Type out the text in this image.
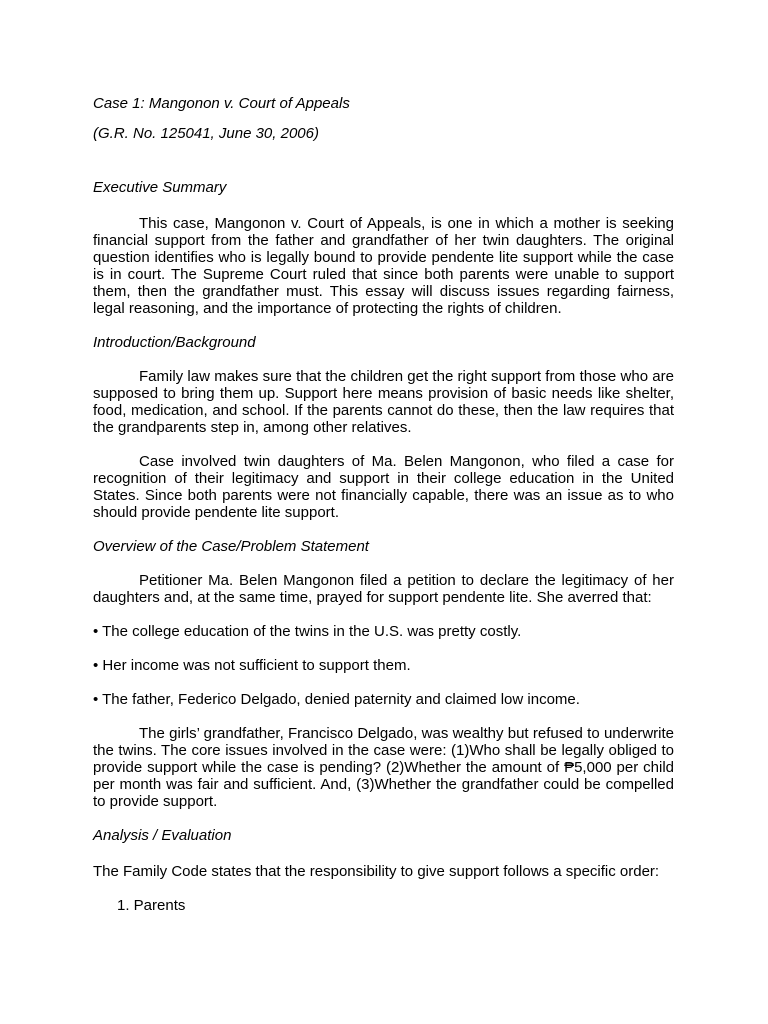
Case 1: Mangonon v. Court of Appeals

(G.R. No. 125041, June 30, 2006)

Executive Summary

This case, Mangonon v. Court of Appeals, is one in which a mother is seeking financial support from the father and grandfather of her twin daughters. The original question identifies who is legally bound to provide pendente lite support while the case is in court. The Supreme Court ruled that since both parents were unable to support them, then the grandfather must. This essay will discuss issues regarding fairness, legal reasoning, and the importance of protecting the rights of children.

Introduction/Background

Family law makes sure that the children get the right support from those who are supposed to bring them up. Support here means provision of basic needs like shelter, food, medication, and school. If the parents cannot do these, then the law requires that the grandparents step in, among other relatives.

Case involved twin daughters of Ma. Belen Mangonon, who filed a case for recognition of their legitimacy and support in their college education in the United States. Since both parents were not financially capable, there was an issue as to who should provide pendente lite support.

Overview of the Case/Problem Statement

Petitioner Ma. Belen Mangonon filed a petition to declare the legitimacy of her daughters and, at the same time, prayed for support pendente lite. She averred that:

• The college education of the twins in the U.S. was pretty costly.

• Her income was not sufficient to support them.

• The father, Federico Delgado, denied paternity and claimed low income.

The girls’ grandfather, Francisco Delgado, was wealthy but refused to underwrite the twins. The core issues involved in the case were: (1)Who shall be legally obliged to provide support while the case is pending? (2)Whether the amount of ₱5,000 per child per month was fair and sufficient. And, (3)Whether the grandfather could be compelled to provide support.

Analysis / Evaluation

The Family Code states that the responsibility to give support follows a specific order:

1. Parents
